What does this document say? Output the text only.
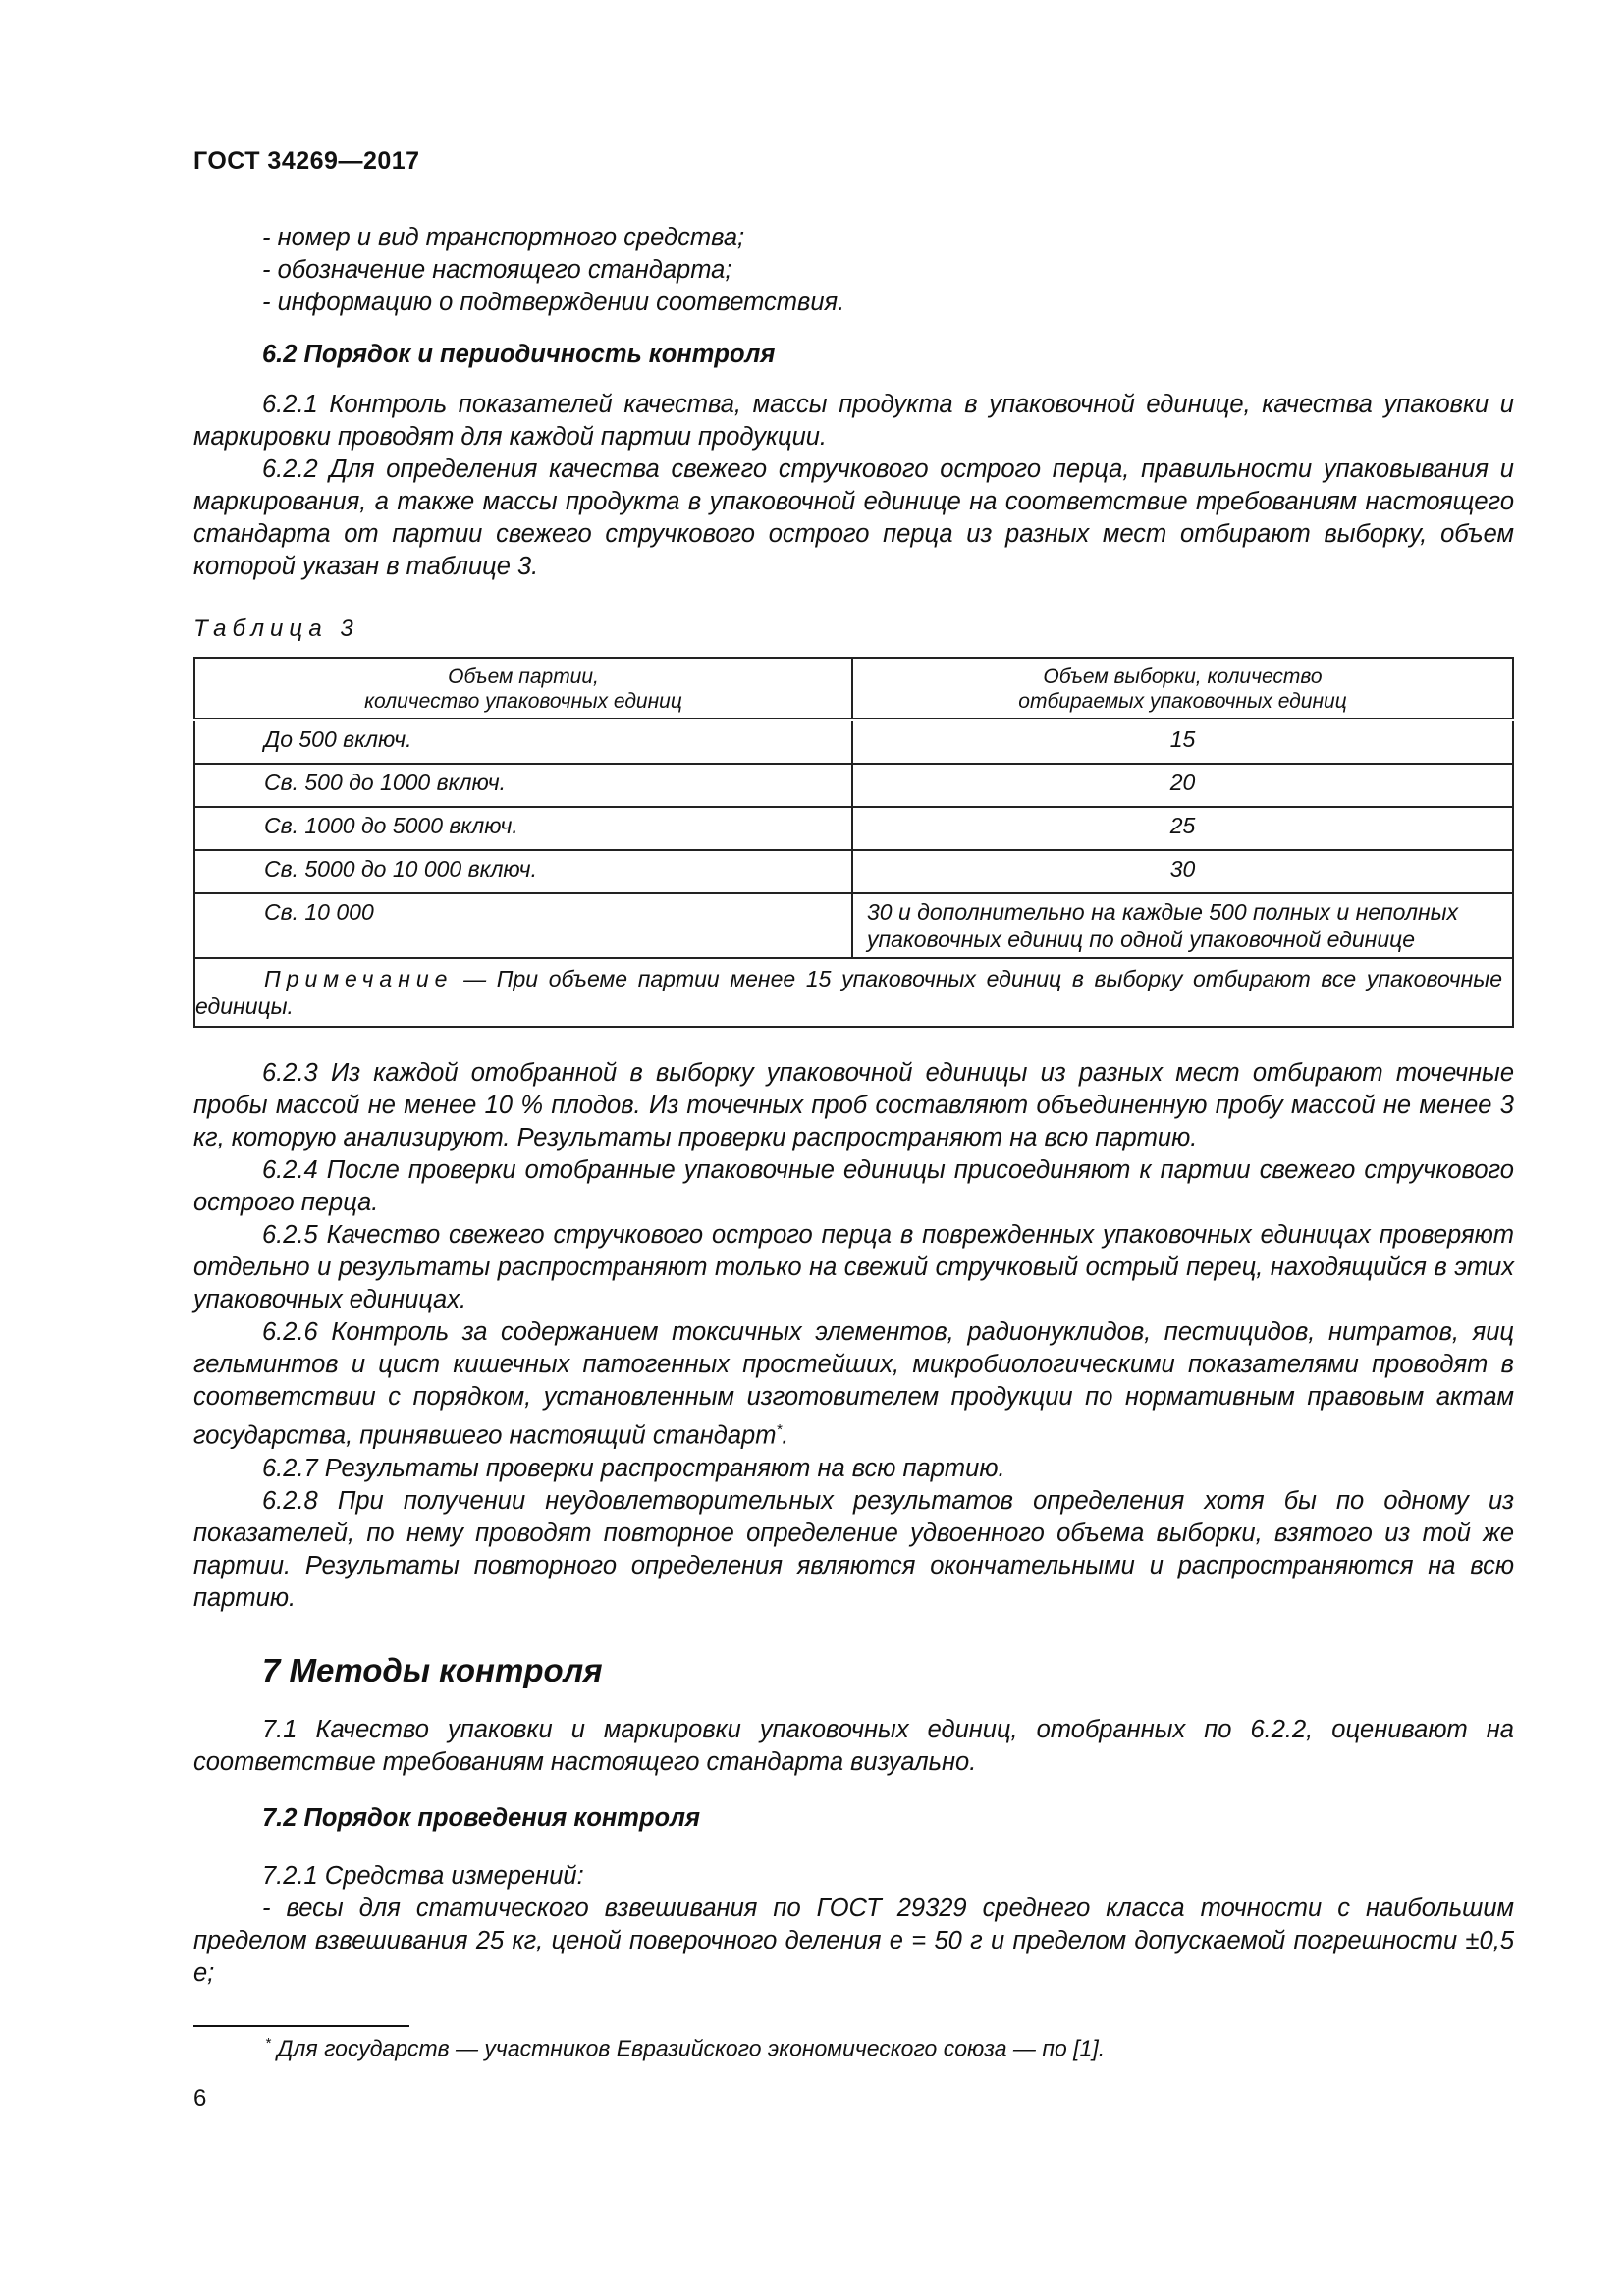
ГОСТ 34269—2017

- номер и вид транспортного средства;

- обозначение настоящего стандарта;

- информацию о подтверждении соответствия.

6.2 Порядок и периодичность контроля

6.2.1 Контроль показателей качества, массы продукта в упаковочной единице, качества упаковки и маркировки проводят для каждой партии продукции.

6.2.2 Для определения качества свежего стручкового острого перца, правильности упаковывания и маркирования, а также массы продукта в упаковочной единице на соответствие требованиям настоящего стандарта от партии свежего стручкового острого перца из разных мест отбирают выборку, объем которой указан в таблице 3.

Таблица 3

Объем партии,
количество упаковочных единиц	Объем выборки, количество
отбираемых упаковочных единиц
До 500 включ.	15
Св. 500 до 1000 включ.	20
Св. 1000 до 5000 включ.	25
Св. 5000 до 10 000 включ.	30
Св. 10 000	30 и дополнительно на каждые 500 полных и неполных упаковочных единиц по одной упаковочной единице
Примечание — При объеме партии менее 15 упаковочных единиц в выборку отбирают все упаковочные единицы.	

6.2.3 Из каждой отобранной в выборку упаковочной единицы из разных мест отбирают точечные пробы массой не менее 10 % плодов. Из точечных проб составляют объединенную пробу массой не менее 3 кг, которую анализируют. Результаты проверки распространяют на всю партию.

6.2.4 После проверки отобранные упаковочные единицы присоединяют к партии свежего стручкового острого перца.

6.2.5 Качество свежего стручкового острого перца в поврежденных упаковочных единицах проверяют отдельно и результаты распространяют только на свежий стручковый острый перец, находящийся в этих упаковочных единицах.

6.2.6 Контроль за содержанием токсичных элементов, радионуклидов, пестицидов, нитратов, яиц гельминтов и цист кишечных патогенных простейших, микробиологическими показателями проводят в соответствии с порядком, установленным изготовителем продукции по нормативным правовым актам государства, принявшего настоящий стандарт*.

6.2.7 Результаты проверки распространяют на всю партию.

6.2.8 При получении неудовлетворительных результатов определения хотя бы по одному из показателей, по нему проводят повторное определение удвоенного объема выборки, взятого из той же партии. Результаты повторного определения являются окончательными и распространяются на всю партию.

7 Методы контроля

7.1 Качество упаковки и маркировки упаковочных единиц, отобранных по 6.2.2, оценивают на соответствие требованиям настоящего стандарта визуально.

7.2 Порядок проведения контроля

7.2.1 Средства измерений:

- весы для статического взвешивания по ГОСТ 29329 среднего класса точности с наибольшим пределом взвешивания 25 кг, ценой поверочного деления е = 50 г и пределом допускаемой погрешности ±0,5 е;

* Для государств — участников Евразийского экономического союза — по [1].
6
